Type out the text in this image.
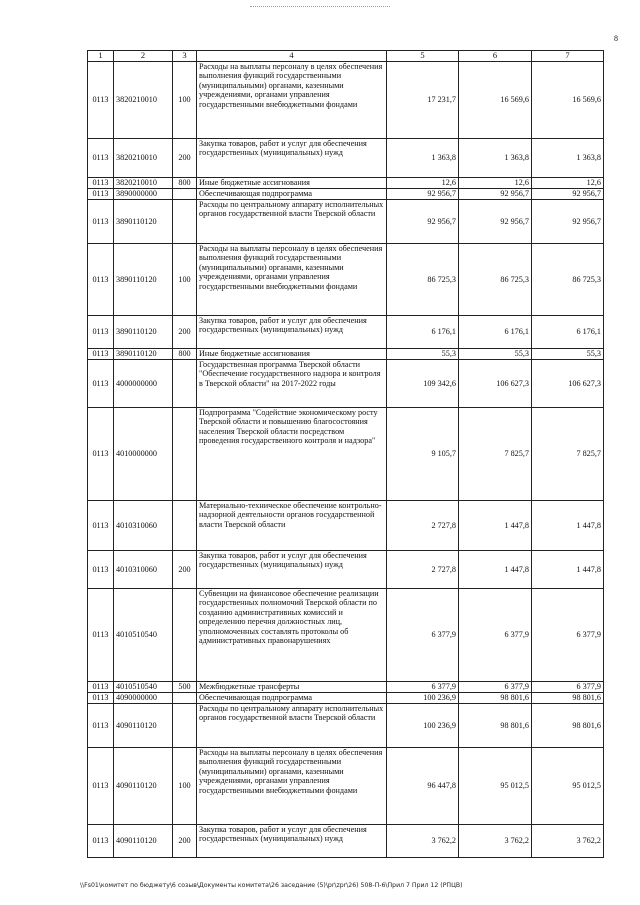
8
1	2	3	4	5	6	7
0113	3820210010	100	Расходы на выплаты персоналу в целях обеспечения выполнения функций государственными (муниципальными) органами, казенными учреждениями, органами управления государственными внебюджетными фондами	17 231,7	16 569,6	16 569,6
0113	3820210010	200	Закупка товаров, работ и услуг для обеспечения государственных (муниципальных) нужд	1 363,8	1 363,8	1 363,8
0113	3820210010	800	Иные бюджетные ассигнования	12,6	12,6	12,6
0113	3890000000		Обеспечивающая подпрограмма	92 956,7	92 956,7	92 956,7
0113	3890110120		Расходы по центральному аппарату исполнительных органов государственной власти Тверской области	92 956,7	92 956,7	92 956,7
0113	3890110120	100	Расходы на выплаты персоналу в целях обеспечения выполнения функций государственными (муниципальными) органами, казенными учреждениями, органами управления государственными внебюджетными фондами	86 725,3	86 725,3	86 725,3
0113	3890110120	200	Закупка товаров, работ и услуг для обеспечения государственных (муниципальных) нужд	6 176,1	6 176,1	6 176,1
0113	3890110120	800	Иные бюджетные ассигнования	55,3	55,3	55,3
0113	4000000000		Государственная программа Тверской области "Обеспечение государственного надзора и контроля в Тверской области" на 2017-2022 годы	109 342,6	106 627,3	106 627,3
0113	4010000000		Подпрограмма "Содействие экономическому росту Тверской области и повышению благосостояния населения Тверской области посредством проведения государственного контроля и надзора"	9 105,7	7 825,7	7 825,7
0113	4010310060		Материально-техническое обеспечение контрольно-надзорной деятельности органов государственной власти Тверской области	2 727,8	1 447,8	1 447,8
0113	4010310060	200	Закупка товаров, работ и услуг для обеспечения государственных (муниципальных) нужд	2 727,8	1 447,8	1 447,8
0113	4010510540		Субвенции на финансовое обеспечение реализации государственных полномочий Тверской области по созданию административных комиссий и определению перечня должностных лиц, уполномоченных составлять протоколы об административных правонарушениях	6 377,9	6 377,9	6 377,9
0113	4010510540	500	Межбюджетные трансферты	6 377,9	6 377,9	6 377,9
0113	4090000000		Обеспечивающая подпрограмма	100 236,9	98 801,6	98 801,6
0113	4090110120		Расходы по центральному аппарату исполнительных органов государственной власти Тверской области	100 236,9	98 801,6	98 801,6
0113	4090110120	100	Расходы на выплаты персоналу в целях обеспечения выполнения функций государственными (муниципальными) органами, казенными учреждениями, органами управления государственными внебюджетными фондами	96 447,8	95 012,5	95 012,5
0113	4090110120	200	Закупка товаров, работ и услуг для обеспечения государственных (муниципальных) нужд	3 762,2	3 762,2	3 762,2
\\Fs01\комитет по бюджету\6 созыв\Документы комитета\26 заседание (5)\pr\zpr\26) 508-П-6\Прил 7 Прил 12 (РПЦВ)
